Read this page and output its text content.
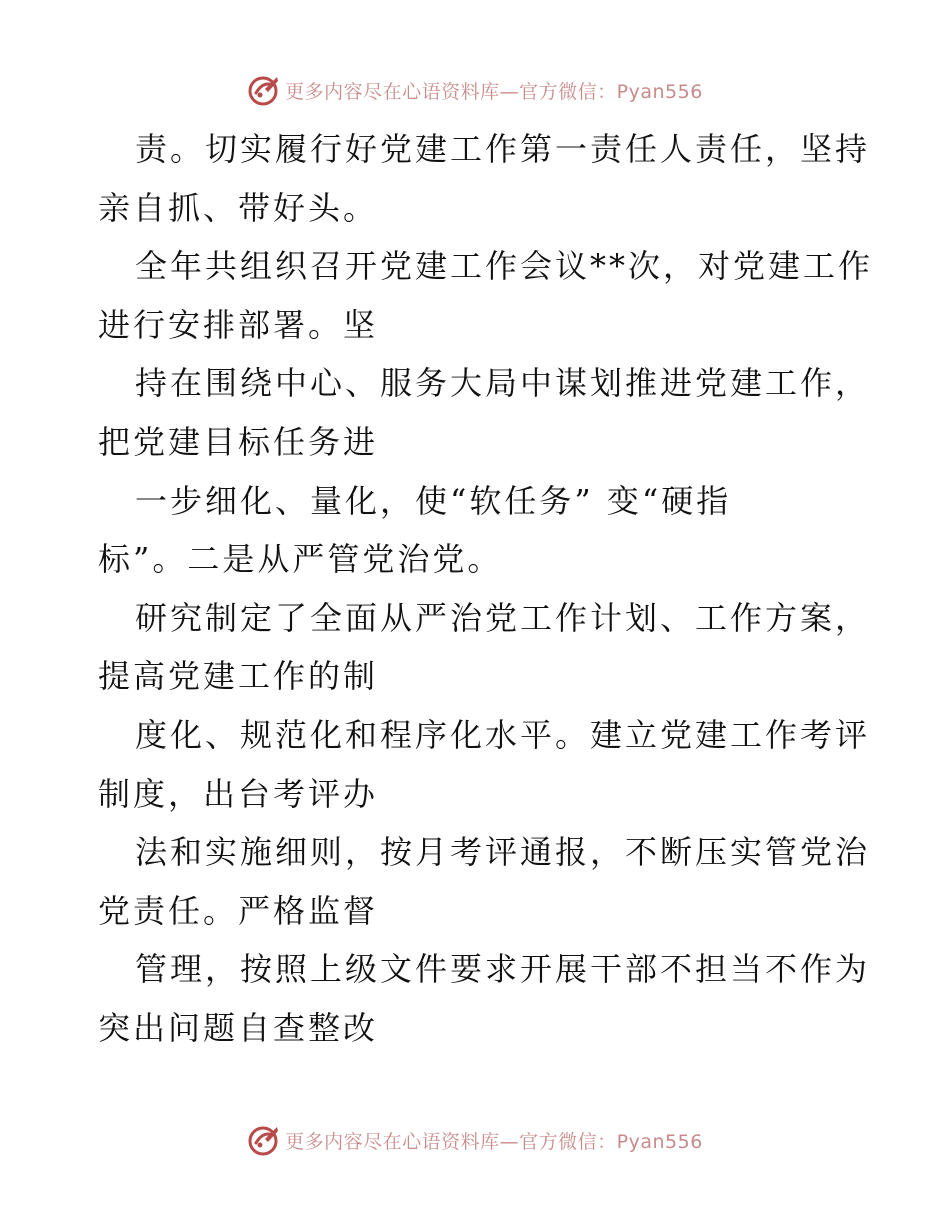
更多内容尽在心语资料库—官方微信：Pyan556
责。切实履行好党建工作第一责任人责任，坚持
亲自抓、带好头。
全年共组织召开党建工作会议**次，对党建工作
进行安排部署。坚
持在围绕中心、服务大局中谋划推进党建工作，
把党建目标任务进
一步细化、量化，使“软任务” 变“硬指
标”。二是从严管党治党。
研究制定了全面从严治党工作计划、工作方案，
提高党建工作的制
度化、规范化和程序化水平。建立党建工作考评
制度，出台考评办
法和实施细则，按月考评通报，不断压实管党治
党责任。严格监督
管理，按照上级文件要求开展干部不担当不作为
突出问题自查整改
更多内容尽在心语资料库—官方微信：Pyan556
